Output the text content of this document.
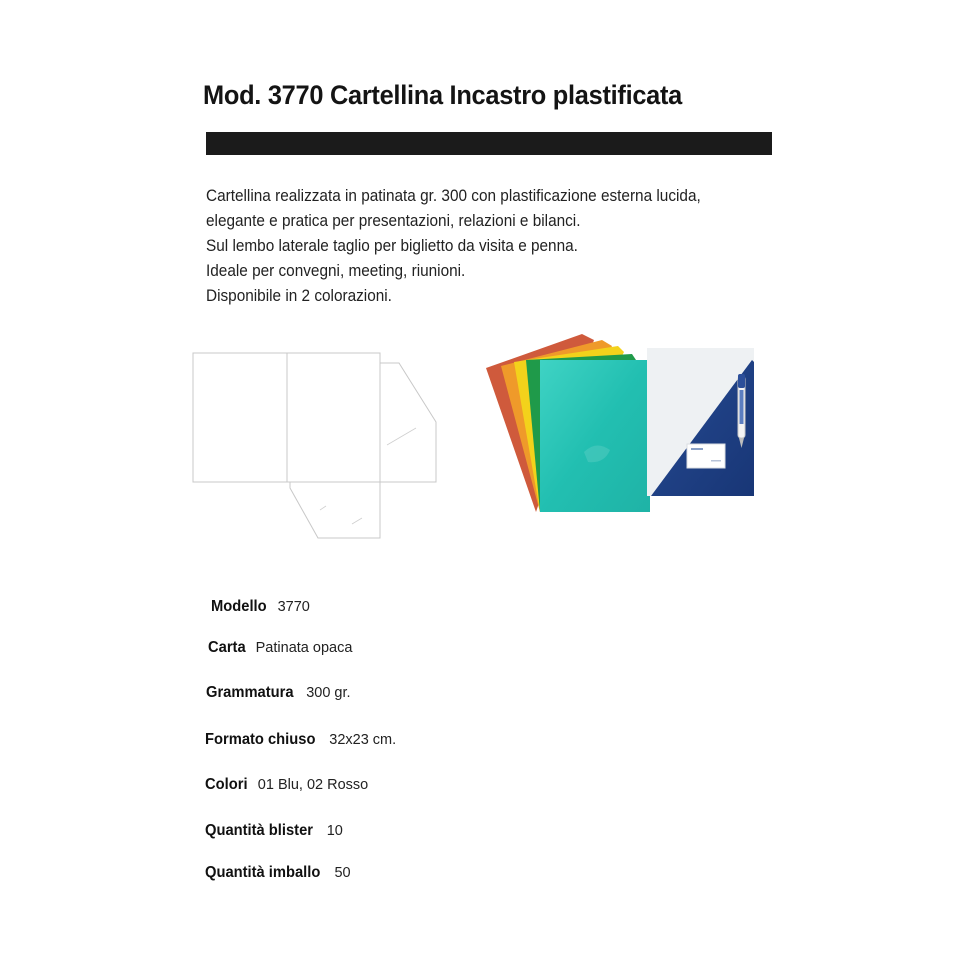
Mod. 3770 Cartellina Incastro plastificata
Cartellina realizzata in patinata gr. 300 con plastificazione esterna lucida,
elegante e pratica per presentazioni, relazioni e bilanci.
Sul lembo laterale taglio per biglietto da visita e penna.
Ideale per convegni, meeting, riunioni.
Disponibile in 2 colorazioni.
Modello 3770
Carta Patinata opaca
Grammatura 300 gr.
Formato chiuso 32x23 cm.
Colori 01 Blu, 02 Rosso
Quantità blister 10
Quantità imballo 50
